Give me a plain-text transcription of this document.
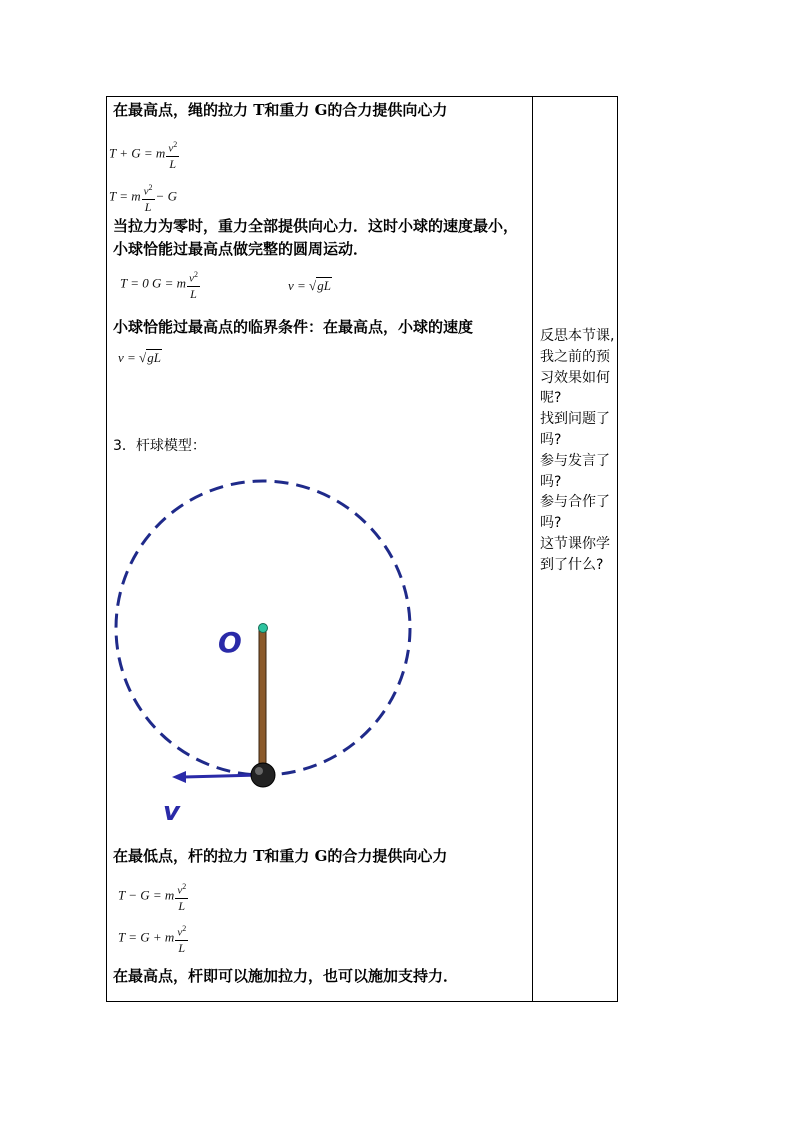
在最高点，绳的拉力 T和重力 G的合力提供向心力
T + G = m $\frac{v^2}{L}$
T = m $\frac{v^2}{L} - G$
当拉力为零时，重力全部提供向心力．这时小球的速度最小，
小球恰能过最高点做完整的圆周运动．
T = 0 G = m $\frac{v^2}{L}$	v = √gL
小球恰能过最高点的临界条件：在最高点，小球的速度
v = √gL
3．杆球模型：
O
v
在最低点，杆的拉力 T和重力 G的合力提供向心力
T − G = m $\frac{v^2}{L}$
T = G + m $\frac{v^2}{L}$
在最高点，杆即可以施加拉力，也可以施加支持力．
反思本节课,
我之前的预
习效果如何
呢?
找到问题了
吗?
参与发言了
吗?
参与合作了
吗?
这节课你学
到了什么?
